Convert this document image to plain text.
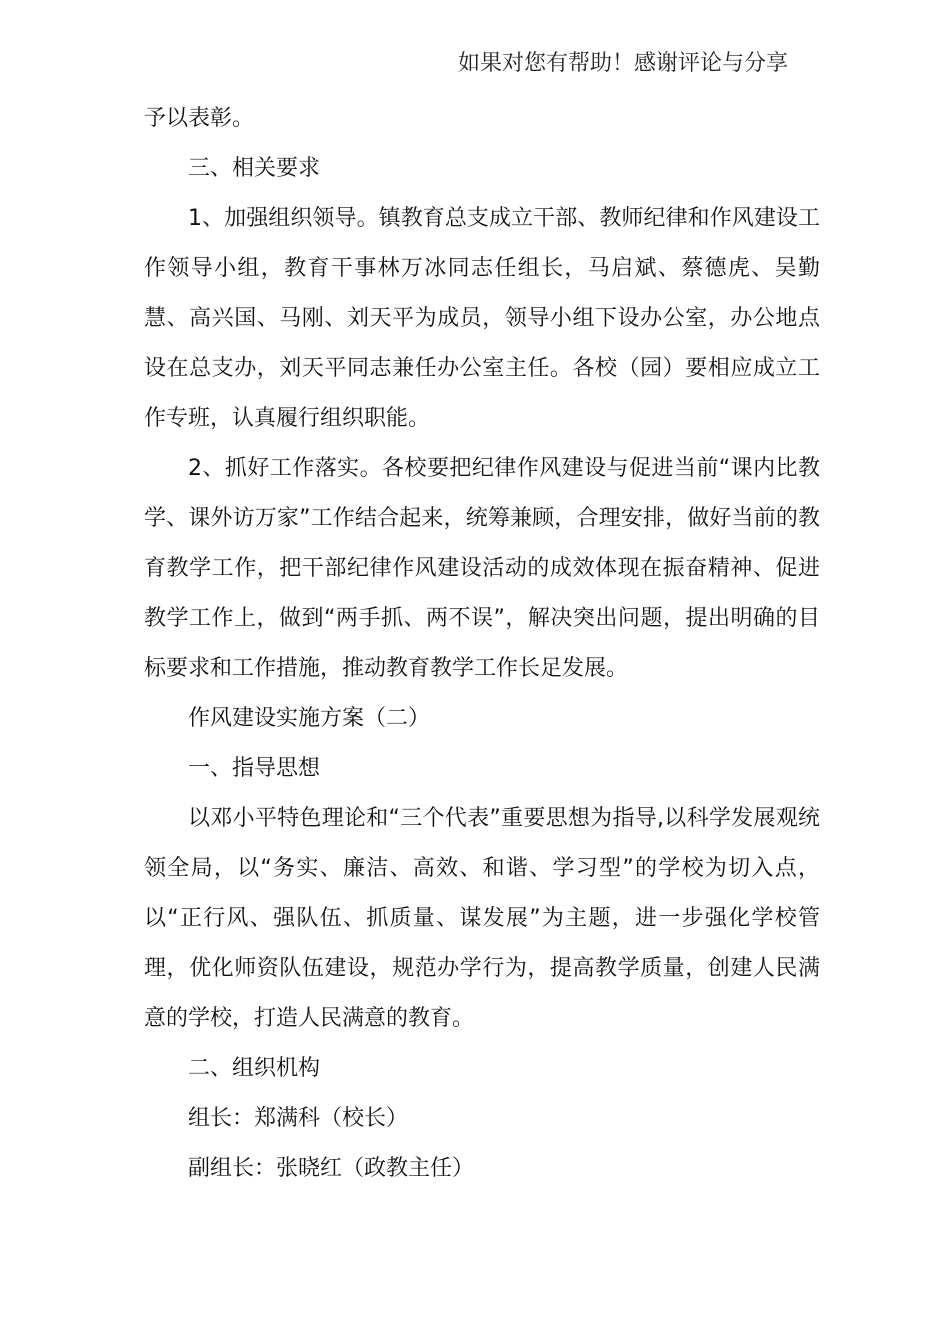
如果对您有帮助！感谢评论与分享

予以表彰。

三、相关要求

1、加强组织领导。镇教育总支成立干部、教师纪律和作风建设工作领导小组，教育干事林万冰同志任组长，马启斌、蔡德虎、吴勤慧、高兴国、马刚、刘天平为成员，领导小组下设办公室，办公地点设在总支办，刘天平同志兼任办公室主任。各校（园）要相应成立工作专班，认真履行组织职能。

2、抓好工作落实。各校要把纪律作风建设与促进当前“课内比教学、课外访万家”工作结合起来，统筹兼顾，合理安排，做好当前的教育教学工作，把干部纪律作风建设活动的成效体现在振奋精神、促进教学工作上，做到“两手抓、两不误”，解决突出问题，提出明确的目标要求和工作措施，推动教育教学工作长足发展。

作风建设实施方案（二）

一、指导思想

以邓小平特色理论和“三个代表”重要思想为指导,以科学发展观统领全局，以“务实、廉洁、高效、和谐、学习型”的学校为切入点，以“正行风、强队伍、抓质量、谋发展”为主题，进一步强化学校管理，优化师资队伍建设，规范办学行为，提高教学质量，创建人民满意的学校，打造人民满意的教育。

二、组织机构

组长：郑满科（校长）

副组长：张晓红（政教主任）
